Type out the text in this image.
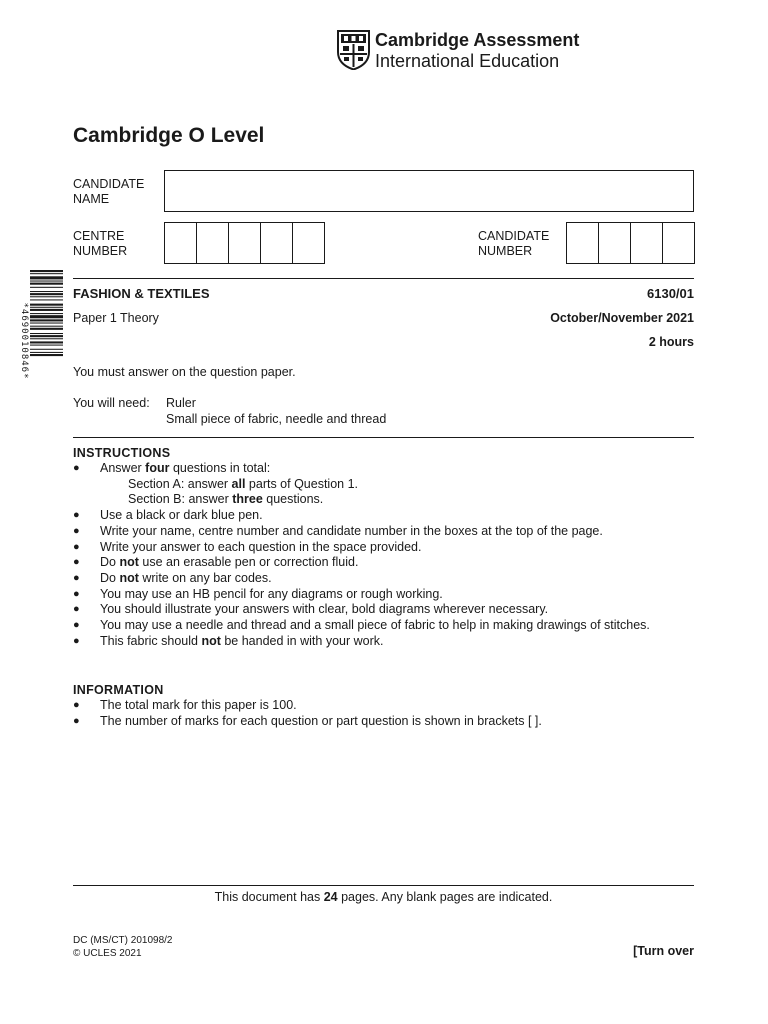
Cambridge Assessment
International Education
Cambridge O Level
*4690010846*
CANDIDATE
NAME
CENTRE
NUMBER
CANDIDATE
NUMBER
FASHION & TEXTILES	6130/01
Paper 1 Theory	October/November 2021
2 hours
You must answer on the question paper.
You will need: Ruler
Small piece of fabric, needle and thread
INSTRUCTIONS
● Answer four questions in total:
Section A: answer all parts of Question 1.
Section B: answer three questions.
● Use a black or dark blue pen.
● Write your name, centre number and candidate number in the boxes at the top of the page.
● Write your answer to each question in the space provided.
● Do not use an erasable pen or correction fluid.
● Do not write on any bar codes.
● You may use an HB pencil for any diagrams or rough working.
● You should illustrate your answers with clear, bold diagrams wherever necessary.
● You may use a needle and thread and a small piece of fabric to help in making drawings of stitches.
● This fabric should not be handed in with your work.
INFORMATION
● The total mark for this paper is 100.
● The number of marks for each question or part question is shown in brackets [ ].
This document has 24 pages. Any blank pages are indicated.
DC (MS/CT) 201098/2
© UCLES 2021	[Turn over
